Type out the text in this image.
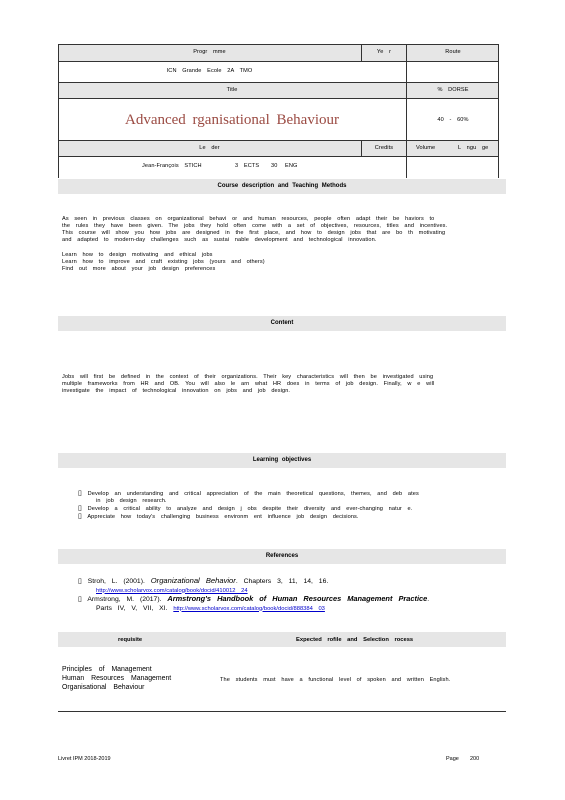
Progr mme	Ye r	Route
ICN Grande Ecole 2A TMO
Title	% DORSE
Advanced rganisational Behaviour	40 - 60%
Le der	Credits	Volume	L ngu ge
Jean-François STICH	3 ECTS 30 ENG
Course description and Teaching Methods
As seen in previous classes on organizational behavi or and human resources, people often adapt their be haviors to
the rules they have been given. The jobs they hold often come with a set of objectives, resources, titles and incentives.
This course will show you how jobs are designed in the first place, and how to design jobs that are bo th motivating
and adapted to modern-day challenges such as sustai nable development and technological innovation.
Learn how to design motivating and ethical jobs
Learn how to improve and craft existing jobs (yours and others)
Find out more about your job design preferences
Content
Jobs will first be defined in the context of their organizations. Their key characteristics will then be investigated using
multiple frameworks from HR and OB. You will also le arn what HR does in terms of job design. Finally, w e will
investigate the impact of technological innovation on jobs and job design.
Learning objectives
▯ Develop an understanding and critical appreciation of the main theoretical questions, themes, and deb ates
in job design research.
▯ Develop a critical ability to analyze and design j obs despite their diversity and ever-changing natur e.
▯ Appreciate how today's challenging business environm ent influence job design decisions.
References
▯ Stroh, L. (2001). Organizational Behavior. Chapters 3, 11, 14, 16.
http://www.scholarvox.com/catalog/book/docid/410012 24
▯ Armstrong, M. (2017). Armstrong's Handbook of Human Resources Management Practice.
Parts IV, V, VII, XI. http://www.scholarvox.com/catalog/book/docid/888384 03
requisite	Expected rofile and Selection rocess
Principles of Management
Human Resources Management
Organisational Behaviour
The students must have a functional level of spoken and written English.
Livret IPM 2018-2019	Page 200
